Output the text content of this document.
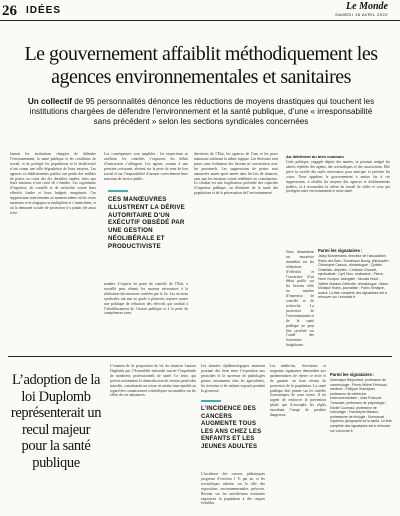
26 IDÉES	Le Monde
SAMEDI 16 AVRIL 2022
Le gouvernement affaiblit méthodiquement les agences environnementales et sanitaires
Un collectif de 95 personnalités dénonce les réductions de moyens drastiques qui touchent les institutions chargées de défendre l’environnement et la santé publique, d’une « irresponsabilité sans précédent » selon les sections syndicales concernées

Jamais les institutions chargées de défendre l’environnement, la santé publique et les conditions de travail, et de protéger les populations et la biodiversité n’ont connu une telle dégradation de leurs moyens. Les agences et établissements publics ont perdu des milliers de postes au cours des dix dernières années, alors que leurs missions n’ont cessé de s’étendre. Les organismes d’expertise, de contrôle et de recherche voient leurs effectifs fondre et leurs budgets comprimés. Ces suppressions interviennent au moment même où les crises sanitaires et écologiques se multiplient et s’intensifient, et où la demande sociale de protection n’a jamais été aussi forte.

CES MANŒUVRES ILLUSTRENT LA DÉRIVE AUTORITAIRE D’UN EXÉCUTIF OBSÉDÉ PAR UNE GESTION NÉOLIBÉRALE ET PRODUCTIVISTE

Les conséquences sont tangibles : les inspections se raréfient, les contrôles s’espacent, les délais d’instruction s’allongent. Les agents, soumis à une pression croissante, alertent sur la perte de sens de leur travail et sur l’impossibilité d’assurer correctement leurs missions de service public.

nombre d’experts en poste de contrôle de l’État, a travaillé pour obtenir les moyens nécessaires à la réalisation des missions confiées par la loi. Les sections syndicales ont mis en garde à plusieurs reprises contre une politique de réduction des effectifs qui conduit à l’affaiblissement de l’action publique et à la perte de compétences rares.

directions de l’État, les agences de l’eau et les parcs nationaux subissent la même logique. Les décisions sont prises sans évaluation des besoins ni concertation avec les personnels. Les suppressions de postes sont annoncées année après année dans les lois de finances, sans que les missions soient redéfinies en conséquence. Le résultat est une fragilisation profonde des capacités d’expertise publique, au détriment de la santé des populations et de la préservation de l’environnement.

Au détriment du bien commun

Cette politique, engagée depuis des années, se poursuit malgré les alertes répétées des agents, des scientifiques et des associations. Elle prive la société des outils nécessaires pour anticiper et prévenir les crises. Nous appelons le gouvernement à mettre fin à ces suppressions, à rétablir les moyens des agences et établissements publics, et à reconnaître la valeur du travail de celles et ceux qui protègent notre environnement et notre santé.

Nous demandons un moratoire immédiat sur les réductions d’effectifs et l’ouverture d’un débat public sur les besoins réels en matière d’expertise, de contrôle et de recherche. La protection de l’environnement et de la santé publique ne peut être sacrifiée sur l’autel des économies budgétaires.

Parmi les signataires :
Jacky Bonnemains, directeur de l’association Robin des Bois ; Dominique Bourg, philosophe ; Christophe Cassou, climatologue ; Cyrielle Chatelain, députée ; Christian Chauvet, syndicaliste ; Cyril Dion, réalisateur ; Pierre-Henri Gouyon, biologiste ; Nicolas Hulot ; Valérie Masson-Delmotte, climatologue ; Marie-Monique Robin, journaliste ; Pablo Servigne, auteur. La liste complète des signataires est à retrouver sur Lemonde.fr
L’adoption de la loi Duplomb représenterait un recul majeur pour la santé publique

L’examen de la proposition de loi du sénateur Laurent Duplomb par l’Assemblée nationale suscite l’inquiétude de nombreux professionnels de santé. Ce texte, qui prévoit notamment la réintroduction de certains pesticides interdits, constituerait un retour en arrière inacceptable au regard des connaissances scientifiques accumulées sur les effets de ces substances.

Les données épidémiologiques montrent pourtant des liens entre l’exposition aux pesticides et la survenue de pathologies graves, notamment chez les agriculteurs, les riverains et les enfants exposés pendant la grossesse.

L’INCIDENCE DES CANCERS AUGMENTE TOUS LES ANS CHEZ LES ENFANTS ET LES JEUNES ADULTES

L’incidence des cancers pédiatriques progresse d’environ 1 % par an, et les scientifiques alertent sur le rôle des expositions environnementales précoces. Revenir sur les interdictions existantes exposerait la population à des risques évitables.

Les médecins, chercheurs et soignants signataires demandent aux parlementaires de rejeter ce texte et de garantir un haut niveau de protection de la population. La santé publique doit primer sur les intérêts économiques de court terme. Il est urgent de renforcer la prévention plutôt que d’assouplir les règles encadrant l’usage de produits dangereux.

Parmi les signataires :
Dominique Belpomme, professeur de cancérologie ; Pierre-Michel Périnaud, médecin ; Philippe Grandjean, professeur de médecine environnementale ; Jean-François Toussaint, professeur de physiologie ; Xavier Coumoul, professeur de toxicologie ; Francelyne Marano, professeure de biologie ; Emmanuel Vigneron, géographe de la santé. La liste complète des signataires est à retrouver sur Lemonde.fr
